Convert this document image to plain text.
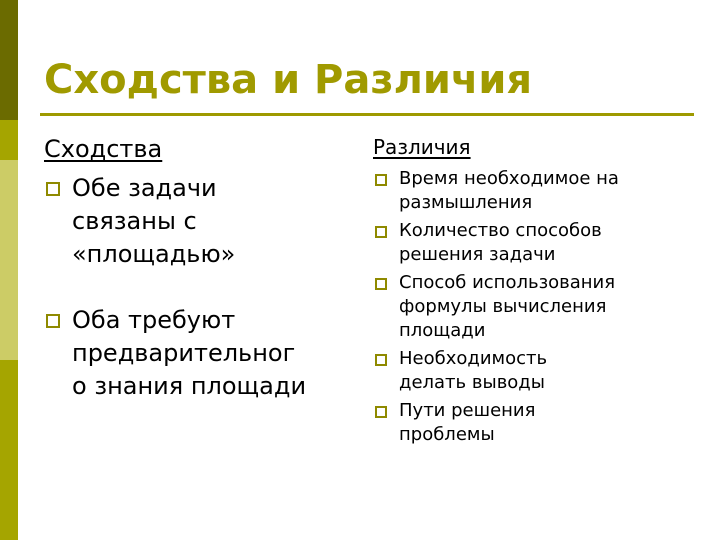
Сходства и Различия
Сходства
Обе задачи
связаны с
«площадью»
Оба требуют
предварительног
о знания площади
Различия
Время необходимое на
размышления
Количество способов
решения задачи
Способ использования
формулы вычисления
площади
Необходимость
делать выводы
Пути решения
проблемы
